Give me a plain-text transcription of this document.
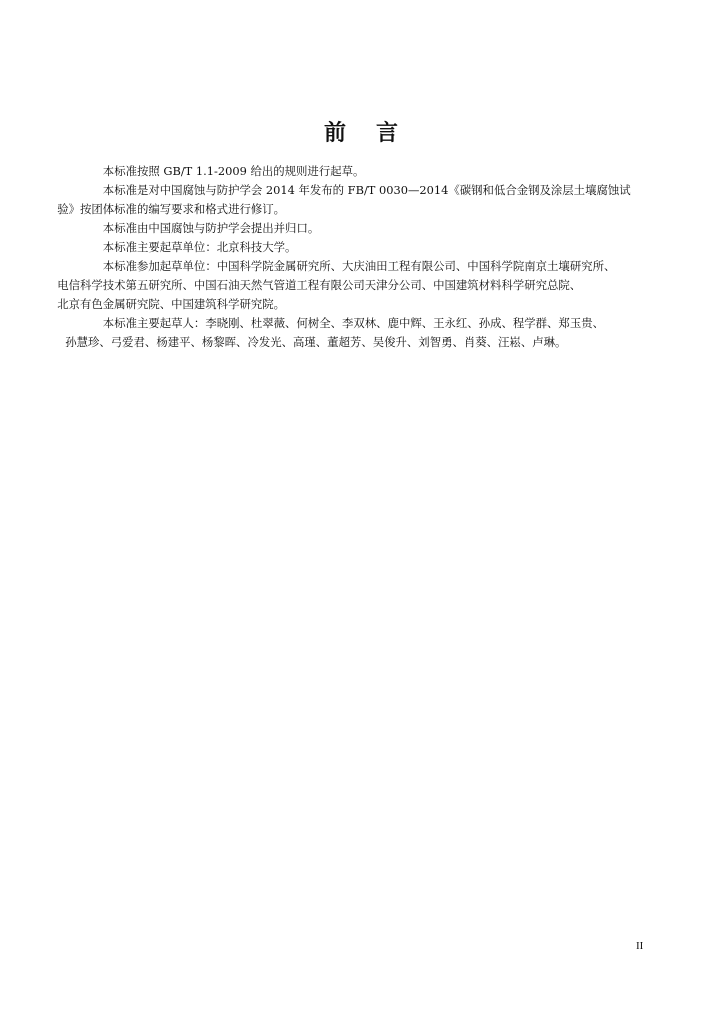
前 言

本标准按照 GB/T 1.1-2009 给出的规则进行起草。

本标准是对中国腐蚀与防护学会 2014 年发布的 FB/T 0030—2014《碳钢和低合金钢及涂层土壤腐蚀试
验》按团体标准的编写要求和格式进行修订。

本标准由中国腐蚀与防护学会提出并归口。

本标准主要起草单位：北京科技大学。

本标准参加起草单位：中国科学院金属研究所、大庆油田工程有限公司、中国科学院南京土壤研究所、
电信科学技术第五研究所、中国石油天然气管道工程有限公司天津分公司、中国建筑材料科学研究总院、
北京有色金属研究院、中国建筑科学研究院。

本标准主要起草人：李晓刚、杜翠薇、何树全、李双林、鹿中辉、王永红、孙成、程学群、郑玉贵、
孙慧珍、弓爱君、杨建平、杨黎晖、冷发光、高瑾、董超芳、吴俊升、刘智勇、肖葵、汪崧、卢琳。

II
